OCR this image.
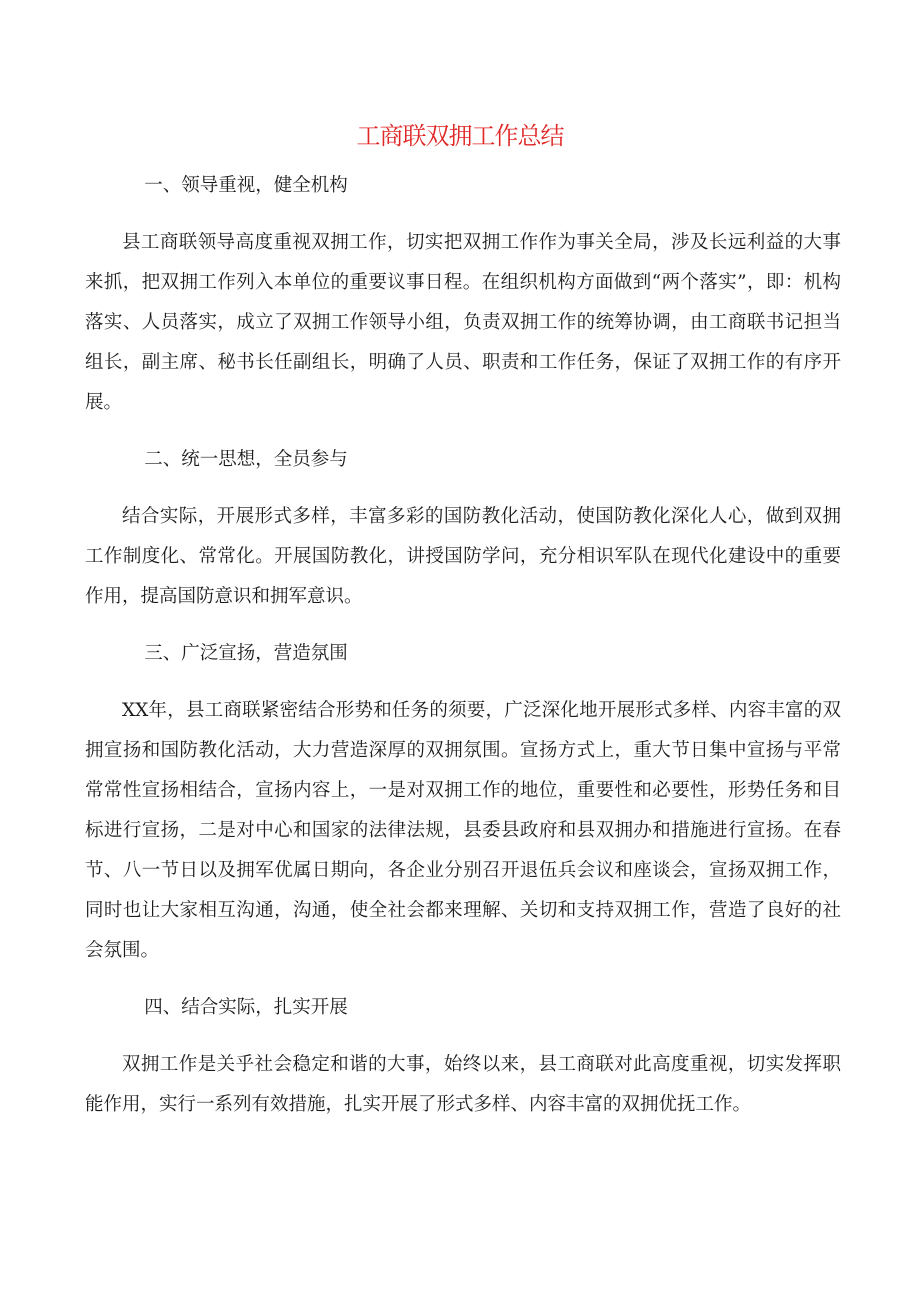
工商联双拥工作总结
一、领导重视，健全机构

县工商联领导高度重视双拥工作，切实把双拥工作作为事关全局，涉及长远利益的大事来抓，把双拥工作列入本单位的重要议事日程。在组织机构方面做到“两个落实”，即：机构落实、人员落实，成立了双拥工作领导小组，负责双拥工作的统筹协调，由工商联书记担当组长，副主席、秘书长任副组长，明确了人员、职责和工作任务，保证了双拥工作的有序开展。

二、统一思想，全员参与

结合实际，开展形式多样，丰富多彩的国防教化活动，使国防教化深化人心，做到双拥工作制度化、常常化。开展国防教化，讲授国防学问，充分相识军队在现代化建设中的重要作用，提高国防意识和拥军意识。

三、广泛宣扬，营造氛围

XX年，县工商联紧密结合形势和任务的须要，广泛深化地开展形式多样、内容丰富的双拥宣扬和国防教化活动，大力营造深厚的双拥氛围。宣扬方式上，重大节日集中宣扬与平常常常性宣扬相结合，宣扬内容上，一是对双拥工作的地位，重要性和必要性，形势任务和目标进行宣扬，二是对中心和国家的法律法规，县委县政府和县双拥办和措施进行宣扬。在春节、八一节日以及拥军优属日期向，各企业分别召开退伍兵会议和座谈会，宣扬双拥工作，同时也让大家相互沟通，沟通，使全社会都来理解、关切和支持双拥工作，营造了良好的社会氛围。

四、结合实际，扎实开展

双拥工作是关乎社会稳定和谐的大事，始终以来，县工商联对此高度重视，切实发挥职能作用，实行一系列有效措施，扎实开展了形式多样、内容丰富的双拥优抚工作。
